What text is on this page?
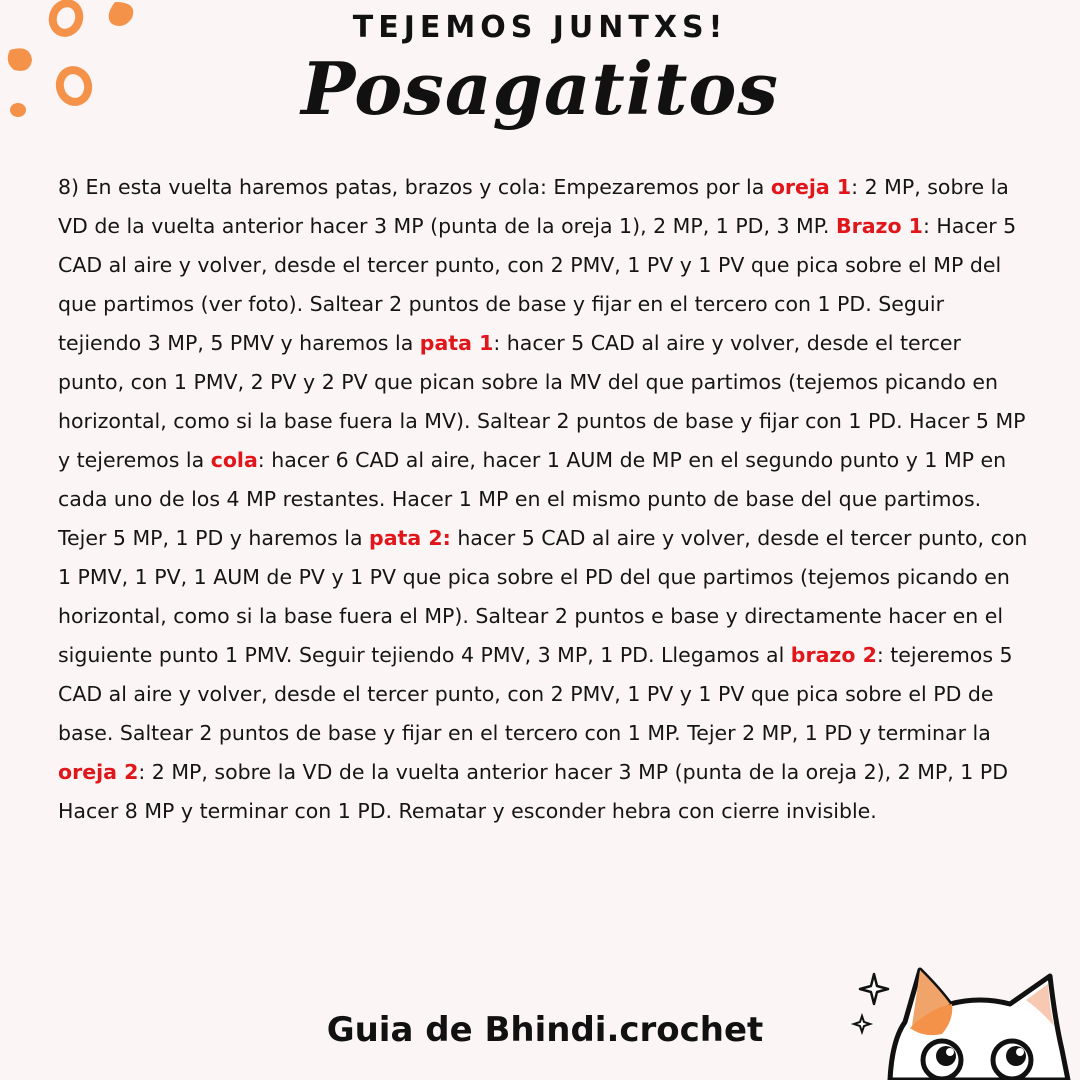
TEJEMOS JUNTXS!
Posagatitos
8) En esta vuelta haremos patas, brazos y cola: Empezaremos por la oreja 1: 2 MP, sobre la VD de la vuelta anterior hacer 3 MP (punta de la oreja 1), 2 MP, 1 PD, 3 MP. Brazo 1: Hacer 5 CAD al aire y volver, desde el tercer punto, con 2 PMV, 1 PV y 1 PV que pica sobre el MP del que partimos (ver foto). Saltear 2 puntos de base y fijar en el tercero con 1 PD. Seguir tejiendo 3 MP, 5 PMV y haremos la pata 1: hacer 5 CAD al aire y volver, desde el tercer punto, con 1 PMV, 2 PV y 2 PV que pican sobre la MV del que partimos (tejemos picando en horizontal, como si la base fuera la MV). Saltear 2 puntos de base y fijar con 1 PD. Hacer 5 MP y tejeremos la cola: hacer 6 CAD al aire, hacer 1 AUM de MP en el segundo punto y 1 MP en cada uno de los 4 MP restantes. Hacer 1 MP en el mismo punto de base del que partimos. Tejer 5 MP, 1 PD y haremos la pata 2: hacer 5 CAD al aire y volver, desde el tercer punto, con 1 PMV, 1 PV, 1 AUM de PV y 1 PV que pica sobre el PD del que partimos (tejemos picando en horizontal, como si la base fuera el MP). Saltear 2 puntos e base y directamente hacer en el siguiente punto 1 PMV. Seguir tejiendo 4 PMV, 3 MP, 1 PD. Llegamos al brazo 2: tejeremos 5 CAD al aire y volver, desde el tercer punto, con 2 PMV, 1 PV y 1 PV que pica sobre el PD de base. Saltear 2 puntos de base y fijar en el tercero con 1 MP. Tejer 2 MP, 1 PD y terminar la oreja 2: 2 MP, sobre la VD de la vuelta anterior hacer 3 MP (punta de la oreja 2), 2 MP, 1 PD Hacer 8 MP y terminar con 1 PD. Rematar y esconder hebra con cierre invisible.
Guia de Bhindi.crochet
